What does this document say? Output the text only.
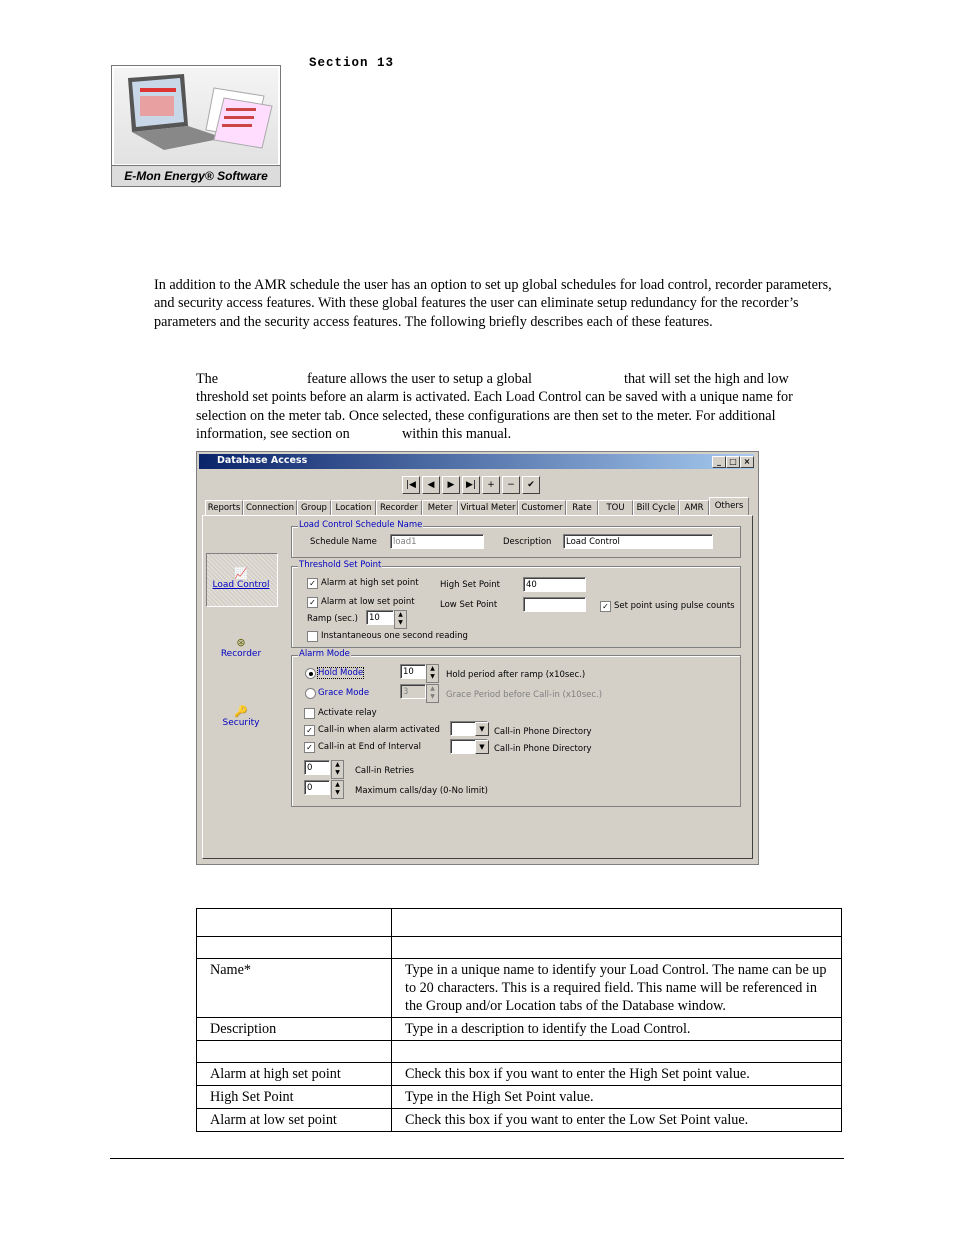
E-Mon Energy® Software
Section 13
In addition to the AMR schedule the user has an option to set up global schedules for load control, recorder parameters, and security access features. With these global features the user can eliminate setup redundancy for the recorder’s parameters and the security access features. The following briefly describes each of these features.
The	feature allows the user to setup a global	that will set the high and low
threshold set points before an alarm is activated. Each Load Control can be saved with a unique name for
selection on the meter tab. Once selected, these configurations are then set to the meter. For additional
information, see section on	within this manual.
Database Access	_	□ ×
|◀	◀	▶	▶|	+	−	✔
Reports Connection Group	Location Recorder	Meter Virtual Meter Customer	Rate	TOU	Bill Cycle	AMR	Others
📈
Load Control
⊛
Recorder
🔑
Security
Load Control Schedule Name
Schedule Name	load1	Description	Load Control
Threshold Set Point
✓ Alarm at high set point
✓ Alarm at low set point
Ramp (sec.)	10	▲
▼
Instantaneous one second reading
High Set Point	40
Low Set Point	✓ Set point using pulse counts
Alarm Mode
Hold Mode	10	▲
▼	Hold period after ramp (x10sec.)
Grace Mode	3	▲
▼	Grace Period before Call-in (x10sec.)
Activate relay
✓ Call-in when alarm activated
✓ Call-in at End of Interval
▼	Call-in Phone Directory
▼	Call-in Phone Directory
0	▲
▼	Call-in Retries
0	▲
▼	Maximum calls/day (0-No limit)

Name*	Type in a unique name to identify your Load Control. The name can be up to 20 characters. This is a required field. This name will be referenced in the Group and/or Location tabs of the Database window.
Description	Type in a description to identify the Load Control.

Alarm at high set point	Check this box if you want to enter the High Set point value.
High Set Point	Type in the High Set Point value.
Alarm at low set point	Check this box if you want to enter the Low Set Point value.
